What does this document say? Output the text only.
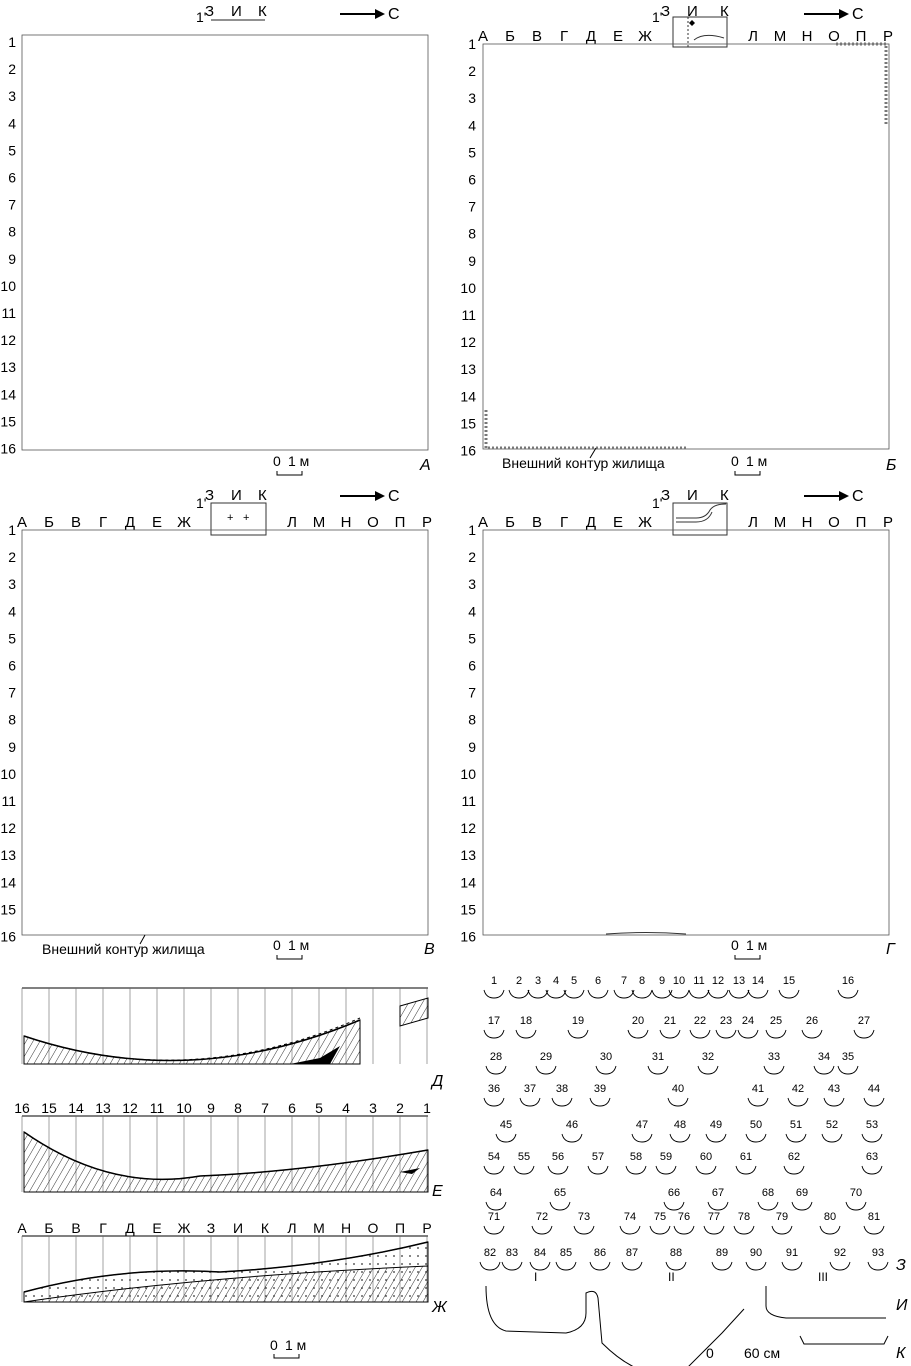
1'
З И К	С
1
2
3
4
5
6
7
8
9
10
11
12
13
14
15
16
0 1 м	А
А Б В Г Д Е Ж	Л М Н О П Р
1'
З И К	С
1
2
3
4
5
6
7
8
9
10
11
12
13
14
15
16
Внешний контур жилища	0 1 м	Б
А Б В Г Д Е Ж	Л М Н О П Р
1'
+ +
З И К	С
1
2
3
4
5
6
7
8
9
10
11
12
13
14
15
16
Внешний контур жилища	0 1 м	В
А Б В Г Д Е Ж	Л М Н О П Р
1'
З И К	С
1
2
3
4
5
6
7
8
9
10
11
12
13
14
15
16
0 1 м	Г
Д
16 15 14 13 12 11 10 9 8 7 6 5 4 3 2 1
Е
А Б В Г Д Е Ж З И К Л М Н О П Р
Ж
0 1 м
1 2 3 4 5 6 7 8 9 10 11 12 13 14 15	16
17 18	19	20 21 22 23 24 25 26	27
28	29	30	31	32	33	34 35
36 37 38 39	40	41	42 43	44
45	46	47 48 49	50	51 52	53
54 55 56	57 58 59	60	61	62	63
64	65	66	67	68 69	70
71	72	73	74 75 76 77 78 79	80	81
82 83 84 85 86 87	88	89 90 91	92 93
З
I	II	III
И
К
0 60 см
